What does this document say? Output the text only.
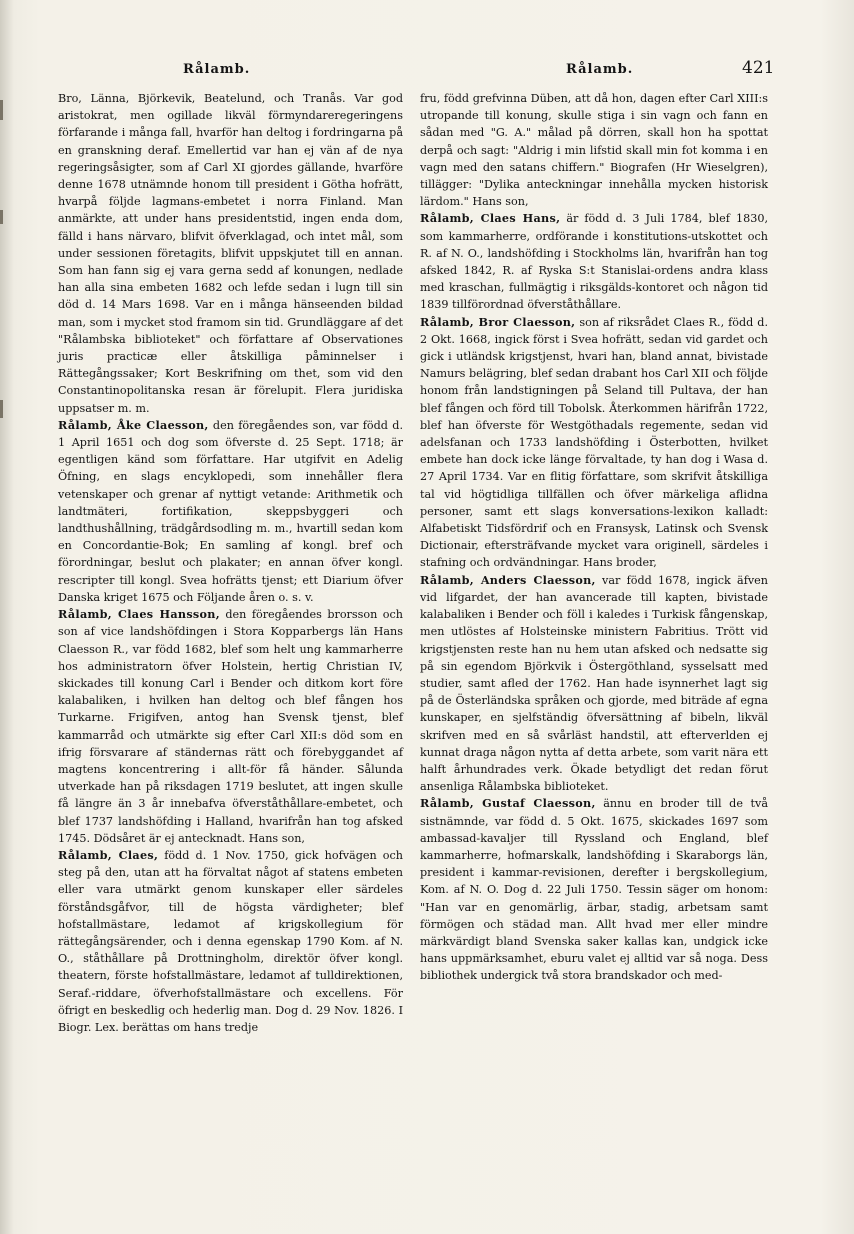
Rålamb.	Rålamb.	421

Bro, Länna, Björkevik, Beatelund, och Tranås. Var god aristokrat, men ogillade likväl förmyndareregeringens förfarande i många fall, hvarför han deltog i fordringarna på en granskning deraf. Emellertid var han ej vän af de nya regeringsåsigter, som af Carl XI gjordes gällande, hvarföre denne 1678 utnämnde honom till president i Götha hofrätt, hvarpå följde lagmans-embetet i norra Finland. Man anmärkte, att under hans presidentstid, ingen enda dom, fälld i hans närvaro, blifvit öfverklagad, och intet mål, som under sessionen företagits, blifvit uppskjutet till en annan. Som han fann sig ej vara gerna sedd af konungen, nedlade han alla sina embeten 1682 och lefde sedan i lugn till sin död d. 14 Mars 1698. Var en i många hänseenden bildad man, som i mycket stod framom sin tid. Grundläggare af det "Rålambska biblioteket" och författare af Observationes juris practicæ eller åtskilliga påminnelser i Rättegångssaker; Kort Beskrifning om thet, som vid den Constantinopolitanska resan är förelupit. Flera juridiska uppsatser m. m.

Rålamb, Åke Claesson, den föregåendes son, var född d. 1 April 1651 och dog som öfverste d. 25 Sept. 1718; är egentligen känd som författare. Har utgifvit en Adelig Öfning, en slags encyklopedi, som innehåller flera vetenskaper och grenar af nyttigt vetande: Arithmetik och landtmäteri, fortifikation, skeppsbyggeri och landthushållning, trädgårdsodling m. m., hvartill sedan kom en Concordantie-Bok; En samling af kongl. bref och förordningar, beslut och plakater; en annan öfver kongl. rescripter till kongl. Svea hofrätts tjenst; ett Diarium öfver Danska kriget 1675 och Följande åren o. s. v.

Rålamb, Claes Hansson, den föregåendes brorsson och son af vice landshöfdingen i Stora Kopparbergs län Hans Claesson R., var född 1682, blef som helt ung kammarherre hos administratorn öfver Holstein, hertig Christian IV, skickades till konung Carl i Bender och ditkom kort före kalabaliken, i hvilken han deltog och blef fången hos Turkarne. Frigifven, antog han Svensk tjenst, blef kammarråd och utmärkte sig efter Carl XII:s död som en ifrig försvarare af ständernas rätt och förebyggandet af magtens koncentrering i allt-för få händer. Sålunda utverkade han på riksdagen 1719 beslutet, att ingen skulle få längre än 3 år innebafva öfverståthållare-embetet, och blef 1737 landshöfding i Halland, hvarifrån han tog afsked 1745. Dödsåret är ej antecknadt. Hans son,

Rålamb, Claes, född d. 1 Nov. 1750, gick hofvägen och steg på den, utan att ha förvaltat något af statens embeten eller vara utmärkt genom kunskaper eller särdeles förståndsgåfvor, till de högsta värdigheter; blef hofstallmästare, ledamot af krigskollegium för rättegångsärender, och i denna egenskap 1790 Kom. af N. O., ståthållare på Drottningholm, direktör öfver kongl. theatern, förste hofstallmästare, ledamot af tulldirektionen, Seraf.-riddare, öfverhofstallmästare och excellens. För öfrigt en beskedlig och hederlig man. Dog d. 29 Nov. 1826. I Biogr. Lex. berättas om hans tredje

fru, född grefvinna Düben, att då hon, dagen efter Carl XIII:s utropande till konung, skulle stiga i sin vagn och fann en sådan med "G. A." målad på dörren, skall hon ha spottat derpå och sagt: "Aldrig i min lifstid skall min fot komma i en vagn med den satans chiffern." Biografen (Hr Wieselgren), tillägger: "Dylika anteckningar innehålla mycken historisk lärdom." Hans son,

Rålamb, Claes Hans, är född d. 3 Juli 1784, blef 1830, som kammarherre, ordförande i konstitutions-utskottet och R. af N. O., landshöfding i Stockholms län, hvarifrån han tog afsked 1842, R. af Ryska S:t Stanislai-ordens andra klass med kraschan, fullmägtig i riksgälds-kontoret och någon tid 1839 tillförordnad öfverståthållare.

Rålamb, Bror Claesson, son af riksrådet Claes R., född d. 2 Okt. 1668, ingick först i Svea hofrätt, sedan vid gardet och gick i utländsk krigstjenst, hvari han, bland annat, bivistade Namurs belägring, blef sedan drabant hos Carl XII och följde honom från landstigningen på Seland till Pultava, der han blef fången och förd till Tobolsk. Återkommen härifrån 1722, blef han öfverste för Westgöthadals regemente, sedan vid adelsfanan och 1733 landshöfding i Österbotten, hvilket embete han dock icke länge förvaltade, ty han dog i Wasa d. 27 April 1734. Var en flitig författare, som skrifvit åtskilliga tal vid högtidliga tillfällen och öfver märkeliga aflidna personer, samt ett slags konversations-lexikon kalladt: Alfabetiskt Tidsfördrif och en Fransysk, Latinsk och Svensk Dictionair, eftersträfvande mycket vara originell, särdeles i stafning och ordvändningar. Hans broder,

Rålamb, Anders Claesson, var född 1678, ingick äfven vid lifgardet, der han avancerade till kapten, bivistade kalabaliken i Bender och föll i kaledes i Turkisk fångenskap, men utlöstes af Holsteinske ministern Fabritius. Trött vid krigstjensten reste han nu hem utan afsked och nedsatte sig på sin egendom Björkvik i Östergöthland, sysselsatt med studier, samt afled der 1762. Han hade isynnerhet lagt sig på de Österländska språken och gjorde, med biträde af egna kunskaper, en sjelfständig öfversättning af bibeln, likväl skrifven med en så svårläst handstil, att efterverlden ej kunnat draga någon nytta af detta arbete, som varit nära ett halft århundrades verk. Ökade betydligt det redan förut ansenliga Rålambska biblioteket.

Rålamb, Gustaf Claesson, ännu en broder till de två sistnämnde, var född d. 5 Okt. 1675, skickades 1697 som ambassad-kavaljer till Ryssland och England, blef kammarherre, hofmarskalk, landshöfding i Skaraborgs län, president i kammar-revisionen, derefter i bergskollegium, Kom. af N. O. Dog d. 22 Juli 1750. Tessin säger om honom: "Han var en genomärlig, ärbar, stadig, arbetsam samt förmögen och städad man. Allt hvad mer eller mindre märkvärdigt bland Svenska saker kallas kan, undgick icke hans uppmärksamhet, eburu valet ej alltid var så noga. Dess bibliothek undergick två stora brandskador och med-
